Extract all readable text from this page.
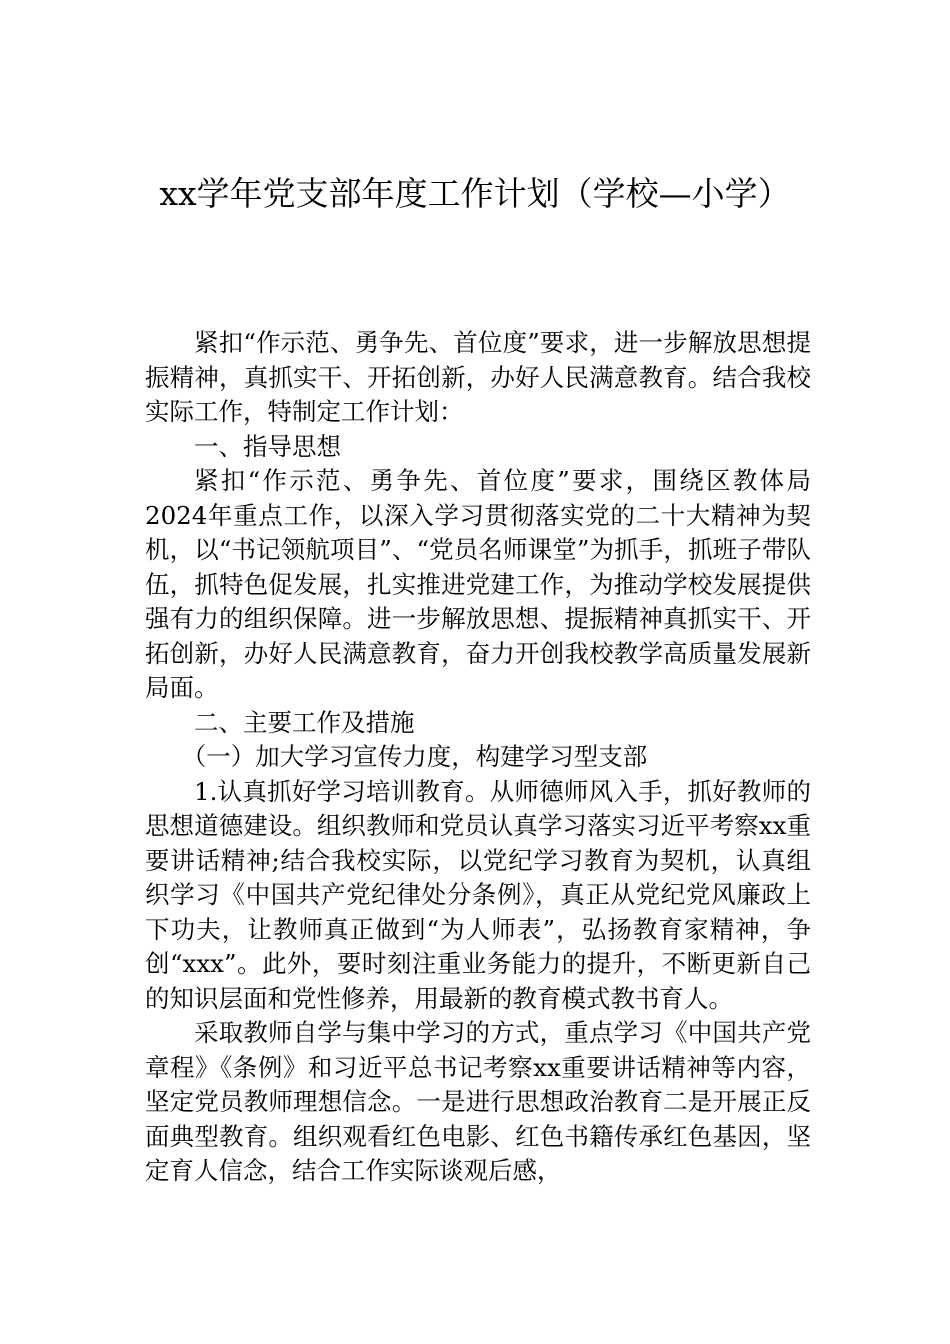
xx学年党支部年度工作计划（学校—小学）

紧扣“作示范、勇争先、首位度”要求，进一步解放思想提振精神，真抓实干、开拓创新，办好人民满意教育。结合我校实际工作，特制定工作计划：

一、指导思想

紧扣“作示范、勇争先、首位度”要求，围绕区教体局2024年重点工作，以深入学习贯彻落实党的二十大精神为契机，以“书记领航项目”、“党员名师课堂”为抓手，抓班子带队伍，抓特色促发展，扎实推进党建工作，为推动学校发展提供强有力的组织保障。进一步解放思想、提振精神真抓实干、开拓创新，办好人民满意教育，奋力开创我校教学高质量发展新局面。

二、主要工作及措施

（一）加大学习宣传力度，构建学习型支部

1.认真抓好学习培训教育。从师德师风入手，抓好教师的思想道德建设。组织教师和党员认真学习落实习近平考察xx重要讲话精神;结合我校实际，以党纪学习教育为契机，认真组织学习《中国共产党纪律处分条例》，真正从党纪党风廉政上下功夫，让教师真正做到“为人师表”，弘扬教育家精神，争创“xxx”。此外，要时刻注重业务能力的提升，不断更新自己的知识层面和党性修养，用最新的教育模式教书育人。

采取教师自学与集中学习的方式，重点学习《中国共产党章程》《条例》和习近平总书记考察xx重要讲话精神等内容，坚定党员教师理想信念。一是进行思想政治教育二是开展正反面典型教育。组织观看红色电影、红色书籍传承红色基因，坚定育人信念，结合工作实际谈观后感，
